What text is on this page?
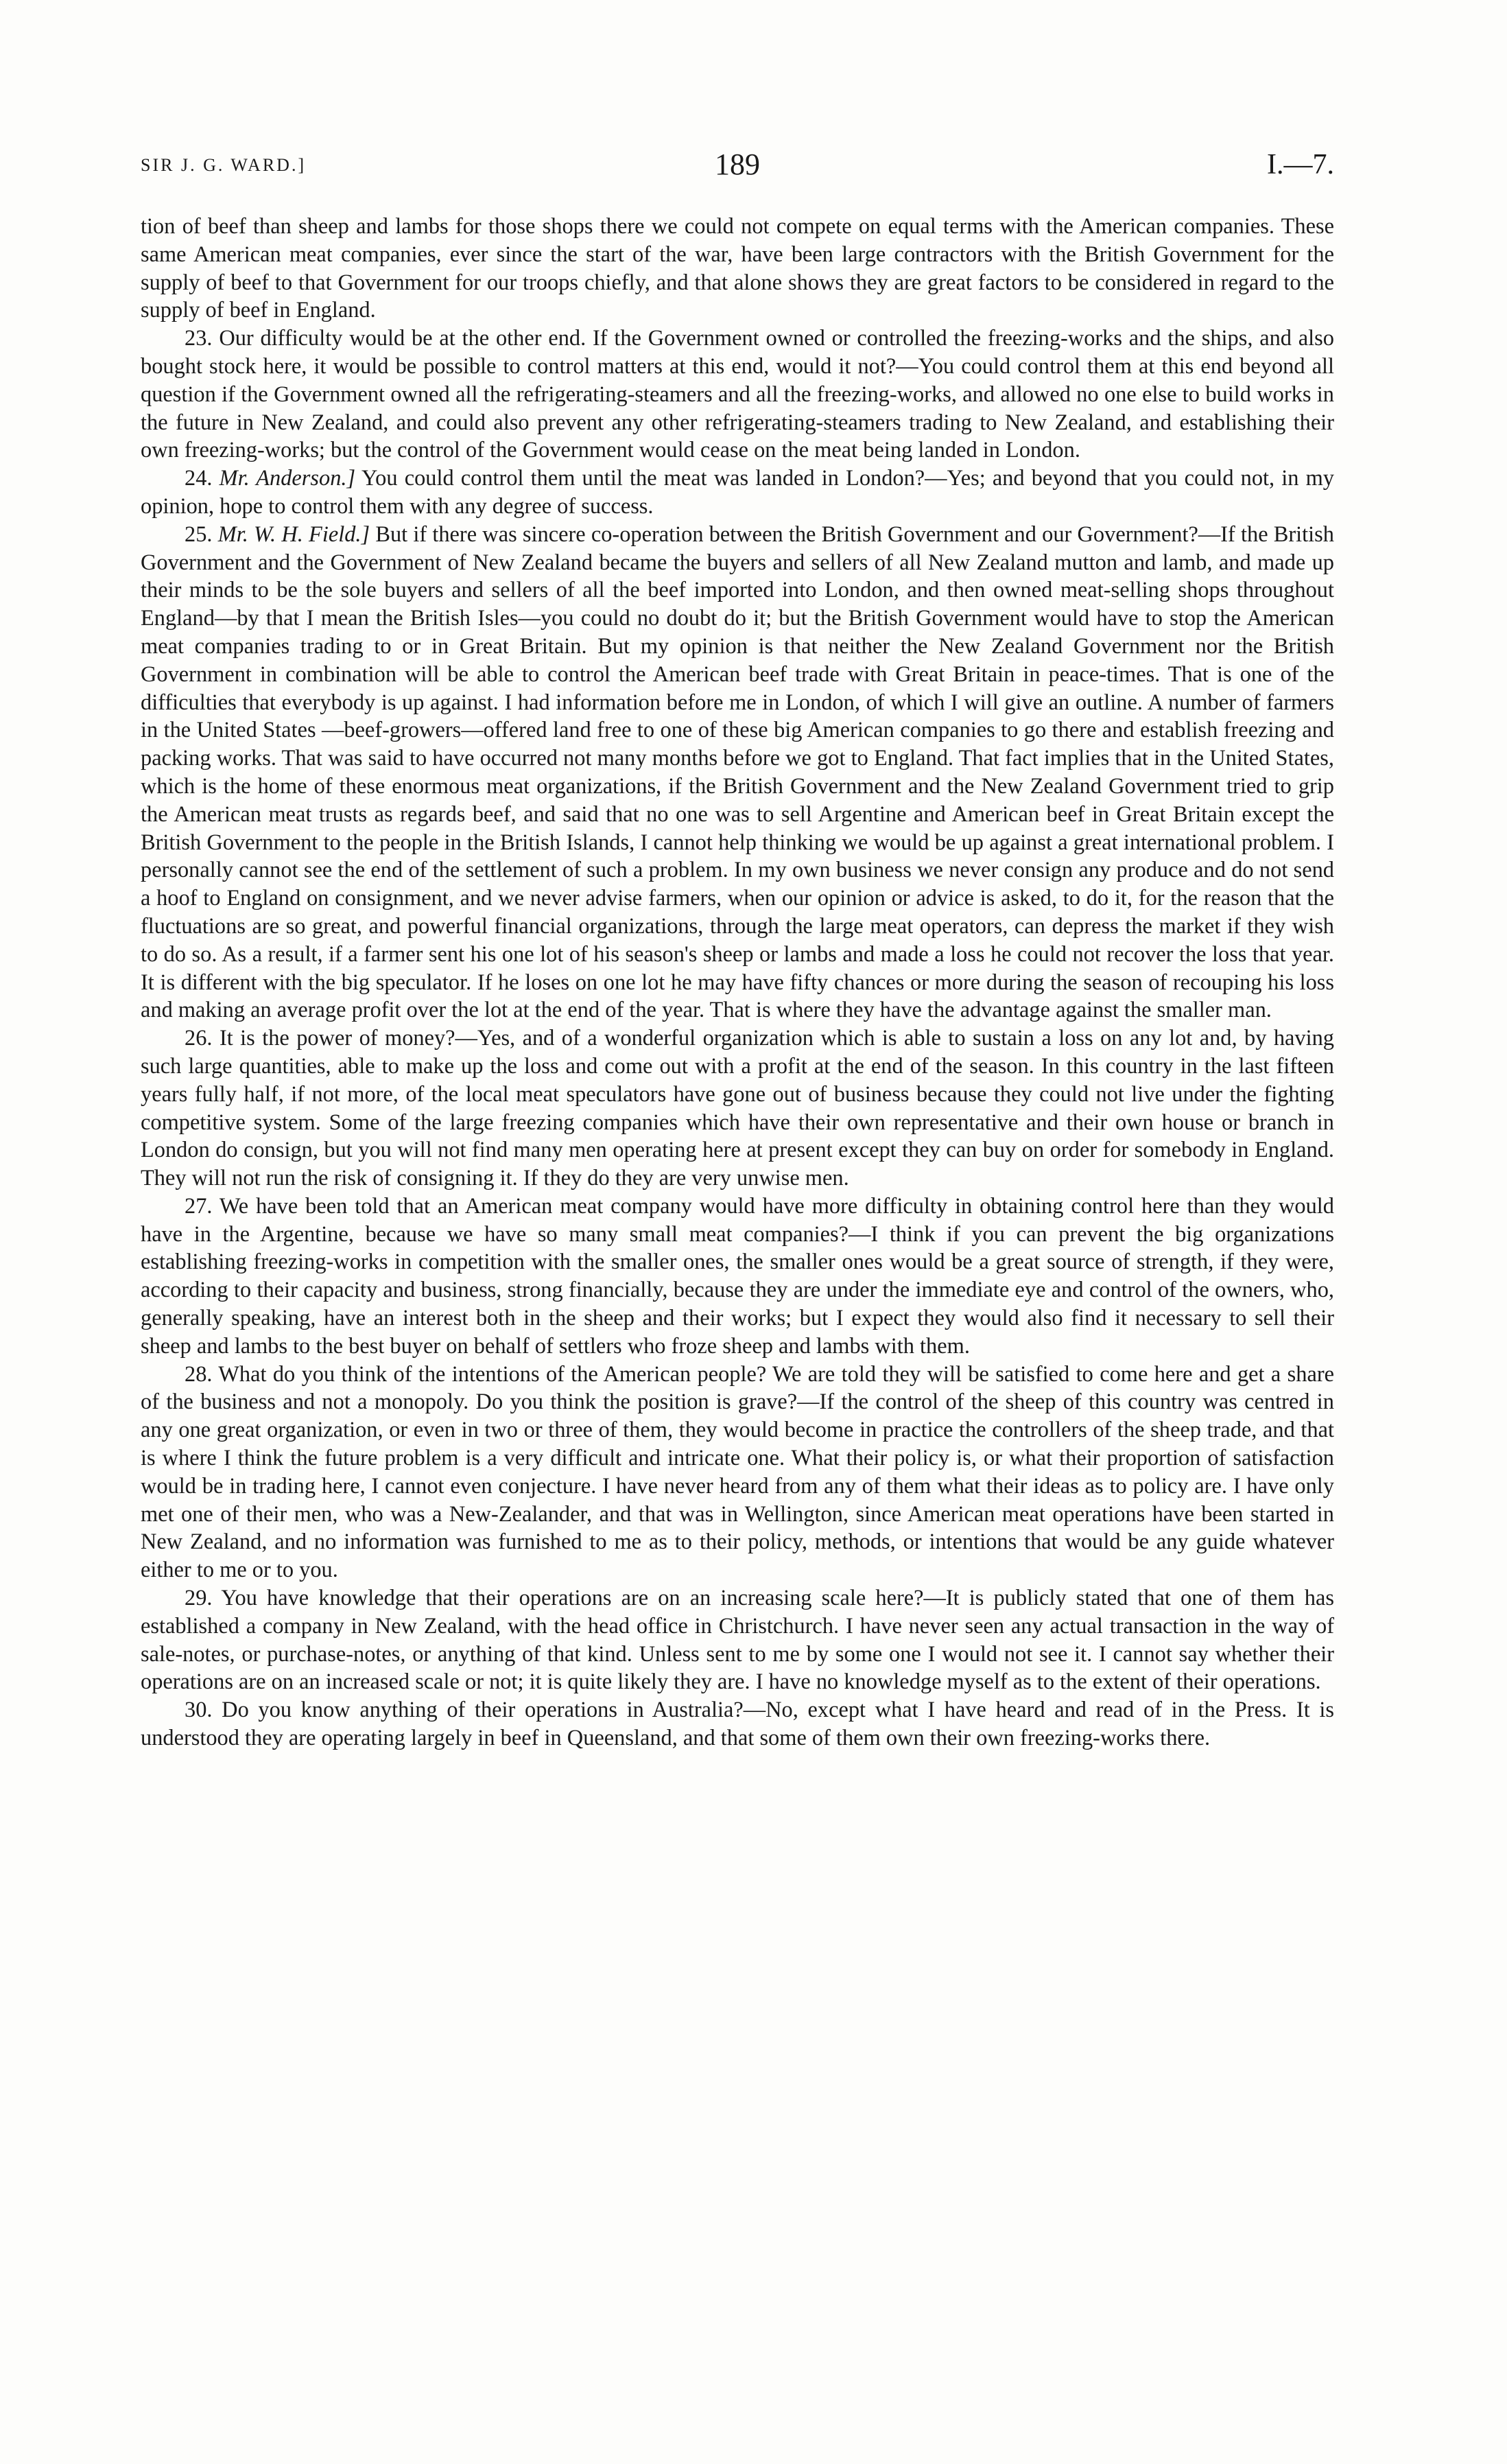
SIR J. G. WARD.]	189	I.—7.

tion of beef than sheep and lambs for those shops there we could not compete on equal terms with the American companies. These same American meat companies, ever since the start of the war, have been large contractors with the British Government for the supply of beef to that Government for our troops chiefly, and that alone shows they are great factors to be considered in regard to the supply of beef in England.

23. Our difficulty would be at the other end. If the Government owned or controlled the freezing-works and the ships, and also bought stock here, it would be possible to control matters at this end, would it not?—You could control them at this end beyond all question if the Government owned all the refrigerating-steamers and all the freezing-works, and allowed no one else to build works in the future in New Zealand, and could also prevent any other refrigerating-steamers trading to New Zealand, and establishing their own freezing-works; but the control of the Government would cease on the meat being landed in London.

24. Mr. Anderson.] You could control them until the meat was landed in London?—Yes; and beyond that you could not, in my opinion, hope to control them with any degree of success.

25. Mr. W. H. Field.] But if there was sincere co-operation between the British Government and our Government?—If the British Government and the Government of New Zealand became the buyers and sellers of all New Zealand mutton and lamb, and made up their minds to be the sole buyers and sellers of all the beef imported into London, and then owned meat-selling shops throughout England—by that I mean the British Isles—you could no doubt do it; but the British Government would have to stop the American meat companies trading to or in Great Britain. But my opinion is that neither the New Zealand Government nor the British Government in combination will be able to control the American beef trade with Great Britain in peace-times. That is one of the difficulties that everybody is up against. I had information before me in London, of which I will give an outline. A number of farmers in the United States —beef-growers—offered land free to one of these big American companies to go there and establish freezing and packing works. That was said to have occurred not many months before we got to England. That fact implies that in the United States, which is the home of these enormous meat organizations, if the British Government and the New Zealand Government tried to grip the American meat trusts as regards beef, and said that no one was to sell Argentine and American beef in Great Britain except the British Government to the people in the British Islands, I cannot help thinking we would be up against a great international problem. I personally cannot see the end of the settlement of such a problem. In my own business we never consign any produce and do not send a hoof to England on consignment, and we never advise farmers, when our opinion or advice is asked, to do it, for the reason that the fluctuations are so great, and powerful financial organizations, through the large meat operators, can depress the market if they wish to do so. As a result, if a farmer sent his one lot of his season's sheep or lambs and made a loss he could not recover the loss that year. It is different with the big speculator. If he loses on one lot he may have fifty chances or more during the season of recouping his loss and making an average profit over the lot at the end of the year. That is where they have the advantage against the smaller man.

26. It is the power of money?—Yes, and of a wonderful organization which is able to sustain a loss on any lot and, by having such large quantities, able to make up the loss and come out with a profit at the end of the season. In this country in the last fifteen years fully half, if not more, of the local meat speculators have gone out of business because they could not live under the fighting competitive system. Some of the large freezing companies which have their own representative and their own house or branch in London do consign, but you will not find many men operating here at present except they can buy on order for somebody in England. They will not run the risk of consigning it. If they do they are very unwise men.

27. We have been told that an American meat company would have more difficulty in obtaining control here than they would have in the Argentine, because we have so many small meat companies?—I think if you can prevent the big organizations establishing freezing-works in competition with the smaller ones, the smaller ones would be a great source of strength, if they were, according to their capacity and business, strong financially, because they are under the immediate eye and control of the owners, who, generally speaking, have an interest both in the sheep and their works; but I expect they would also find it necessary to sell their sheep and lambs to the best buyer on behalf of settlers who froze sheep and lambs with them.

28. What do you think of the intentions of the American people? We are told they will be satisfied to come here and get a share of the business and not a monopoly. Do you think the position is grave?—If the control of the sheep of this country was centred in any one great organization, or even in two or three of them, they would become in practice the controllers of the sheep trade, and that is where I think the future problem is a very difficult and intricate one. What their policy is, or what their proportion of satisfaction would be in trading here, I cannot even conjecture. I have never heard from any of them what their ideas as to policy are. I have only met one of their men, who was a New-Zealander, and that was in Wellington, since American meat operations have been started in New Zealand, and no information was furnished to me as to their policy, methods, or intentions that would be any guide whatever either to me or to you.

29. You have knowledge that their operations are on an increasing scale here?—It is publicly stated that one of them has established a company in New Zealand, with the head office in Christchurch. I have never seen any actual transaction in the way of sale-notes, or purchase-notes, or anything of that kind. Unless sent to me by some one I would not see it. I cannot say whether their operations are on an increased scale or not; it is quite likely they are. I have no knowledge myself as to the extent of their operations.

30. Do you know anything of their operations in Australia?—No, except what I have heard and read of in the Press. It is understood they are operating largely in beef in Queensland, and that some of them own their own freezing-works there.
